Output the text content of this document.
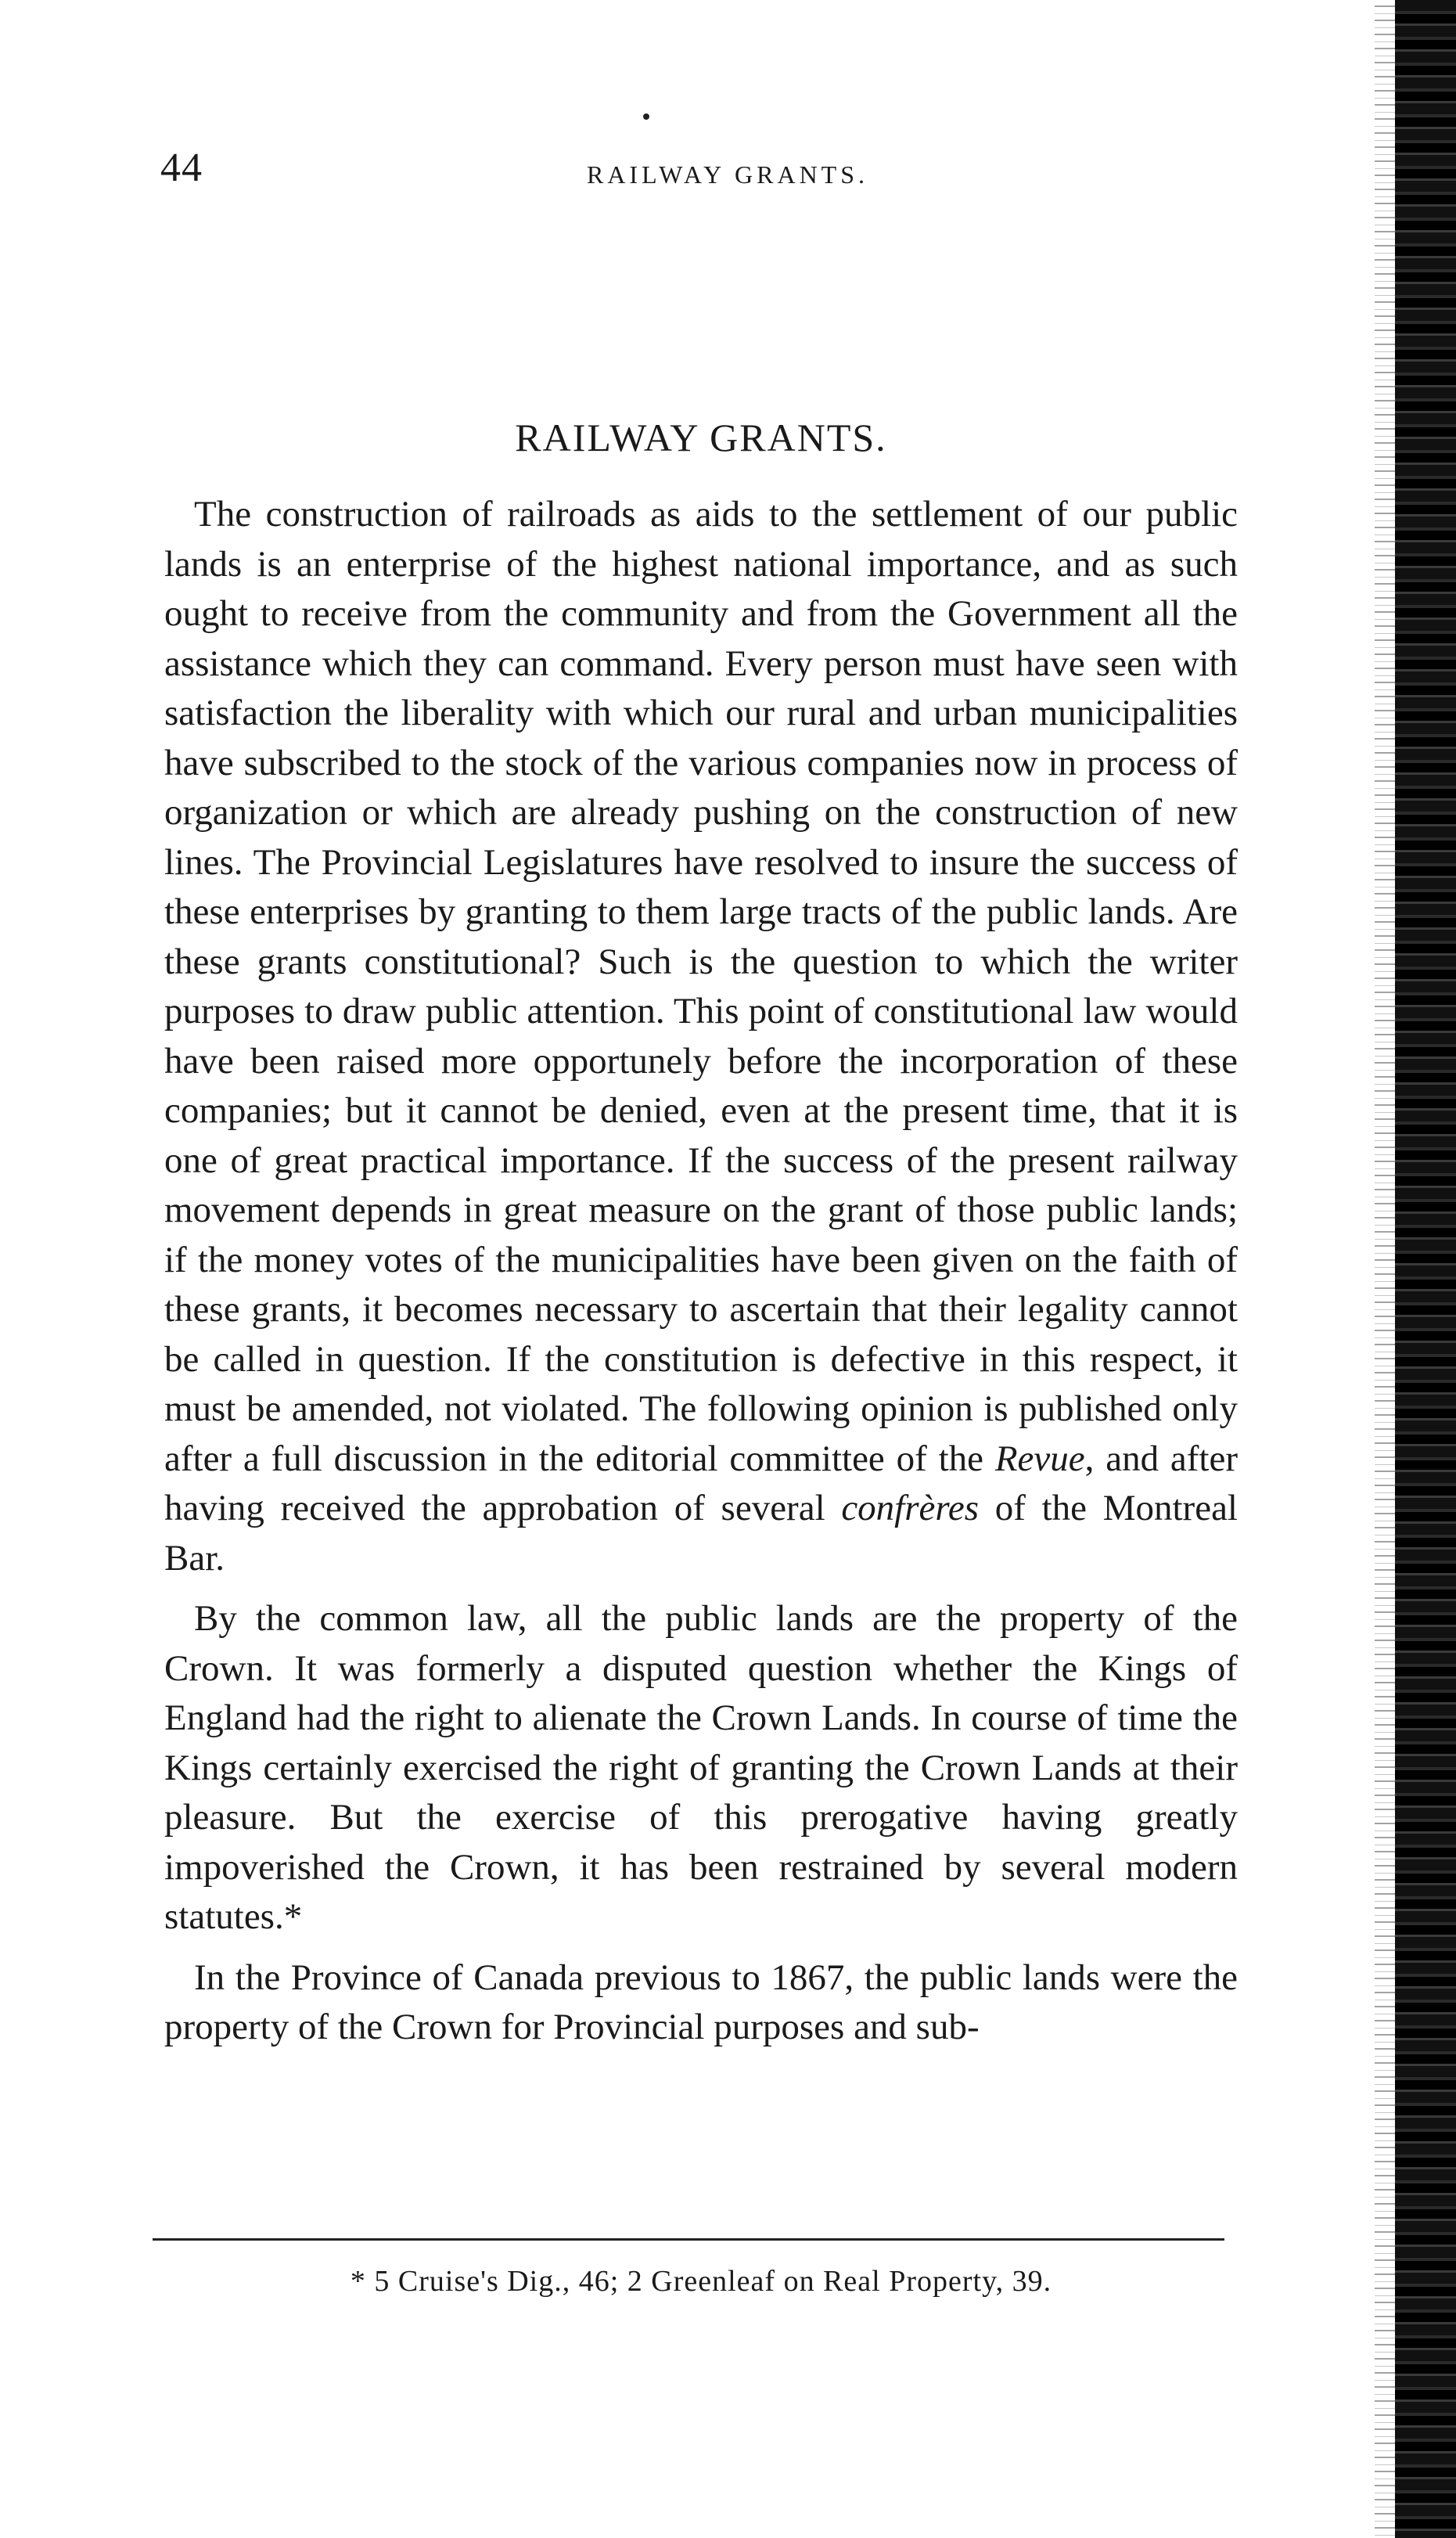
44	RAILWAY GRANTS.
RAILWAY GRANTS.

The construction of railroads as aids to the settlement of our public lands is an enterprise of the highest national importance, and as such ought to receive from the community and from the Government all the assistance which they can command. Every person must have seen with satisfaction the liberality with which our rural and urban municipalities have subscribed to the stock of the various companies now in process of organization or which are already pushing on the construction of new lines. The Provincial Legislatures have resolved to insure the success of these enterprises by granting to them large tracts of the public lands. Are these grants constitutional? Such is the question to which the writer purposes to draw public attention. This point of constitutional law would have been raised more opportunely before the incorporation of these companies; but it cannot be denied, even at the present time, that it is one of great practical importance. If the success of the present railway movement depends in great measure on the grant of those public lands; if the money votes of the municipalities have been given on the faith of these grants, it becomes necessary to ascertain that their legality cannot be called in question. If the constitution is defective in this respect, it must be amended, not violated. The following opinion is published only after a full discussion in the editorial committee of the Revue, and after having received the approbation of several confrères of the Montreal Bar.

By the common law, all the public lands are the property of the Crown. It was formerly a disputed question whether the Kings of England had the right to alienate the Crown Lands. In course of time the Kings certainly exercised the right of granting the Crown Lands at their pleasure. But the exercise of this prerogative having greatly impoverished the Crown, it has been restrained by several modern statutes.*

In the Province of Canada previous to 1867, the public lands were the property of the Crown for Provincial purposes and sub-

* 5 Cruise's Dig., 46; 2 Greenleaf on Real Property, 39.
